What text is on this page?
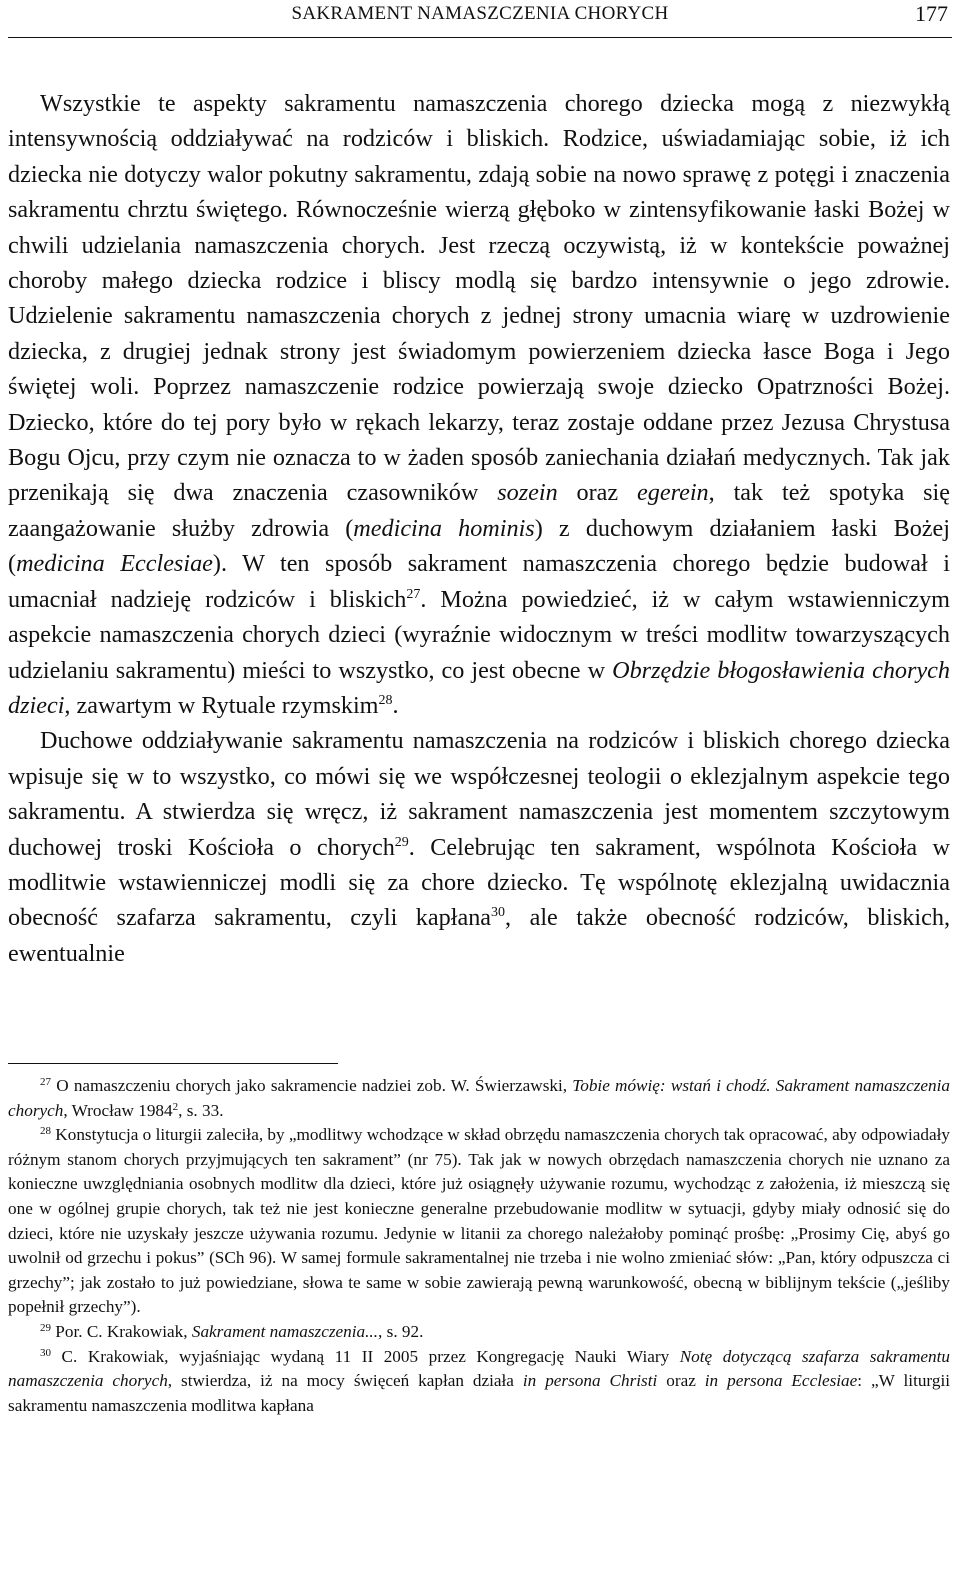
SAKRAMENT NAMASZCZENIA CHORYCH	177

Wszystkie te aspekty sakramentu namaszczenia chorego dziecka mogą z niezwykłą intensywnością oddziaływać na rodziców i bliskich. Rodzice, uświadamiając sobie, iż ich dziecka nie dotyczy walor pokutny sakramentu, zdają sobie na nowo sprawę z potęgi i znaczenia sakramentu chrztu świętego. Równocześnie wierzą głęboko w zintensyfikowanie łaski Bożej w chwili udzielania namaszczenia chorych. Jest rzeczą oczywistą, iż w kontekście poważnej choroby małego dziecka rodzice i bliscy modlą się bardzo intensywnie o jego zdrowie. Udzielenie sakramentu namaszczenia chorych z jednej strony umacnia wiarę w uzdrowienie dziecka, z drugiej jednak strony jest świadomym powierzeniem dziecka łasce Boga i Jego świętej woli. Poprzez namaszczenie rodzice powierzają swoje dziecko Opatrzności Bożej. Dziecko, które do tej pory było w rękach lekarzy, teraz zostaje oddane przez Jezusa Chrystusa Bogu Ojcu, przy czym nie oznacza to w żaden sposób zaniechania działań medycznych. Tak jak przenikają się dwa znaczenia czasowników sozein oraz egerein, tak też spotyka się zaangażowanie służby zdrowia (medicina hominis) z duchowym działaniem łaski Bożej (medicina Ecclesiae). W ten sposób sakrament namaszczenia chorego będzie budował i umacniał nadzieję rodziców i bliskich$^{27}$. Można powiedzieć, iż w całym wstawienniczym aspekcie namaszczenia chorych dzieci (wyraźnie widocznym w treści modlitw towarzyszących udzielaniu sakramentu) mieści to wszystko, co jest obecne w Obrzędzie błogosławienia chorych dzieci, zawartym w Rytuale rzymskim$^{28}$.

Duchowe oddziaływanie sakramentu namaszczenia na rodziców i bliskich chorego dziecka wpisuje się w to wszystko, co mówi się we współczesnej teologii o eklezjalnym aspekcie tego sakramentu. A stwierdza się wręcz, iż sakrament namaszczenia jest momentem szczytowym duchowej troski Kościoła o chorych$^{29}$. Celebrując ten sakrament, wspólnota Kościoła w modlitwie wstawienniczej modli się za chore dziecko. Tę wspólnotę eklezjalną uwidacznia obecność szafarza sakramentu, czyli kapłana$^{30}$, ale także obecność rodziców, bliskich, ewentualnie

$^{27}$ O namaszczeniu chorych jako sakramencie nadziei zob. W. Świerzawski, Tobie mówię: wstań i chodź. Sakrament namaszczenia chorych, Wrocław 1984$^2$, s. 33.

$^{28}$ Konstytucja o liturgii zaleciła, by „modlitwy wchodzące w skład obrzędu namaszczenia chorych tak opracować, aby odpowiadały różnym stanom chorych przyjmujących ten sakrament” (nr 75). Tak jak w nowych obrzędach namaszczenia chorych nie uznano za konieczne uwzględniania osobnych modlitw dla dzieci, które już osiągnęły używanie rozumu, wychodząc z założenia, iż mieszczą się one w ogólnej grupie chorych, tak też nie jest konieczne generalne przebudowanie modlitw w sytuacji, gdyby miały odnosić się do dzieci, które nie uzyskały jeszcze używania rozumu. Jedynie w litanii za chorego należałoby pominąć prośbę: „Prosimy Cię, abyś go uwolnił od grzechu i pokus” (SCh 96). W samej formule sakramentalnej nie trzeba i nie wolno zmieniać słów: „Pan, który odpuszcza ci grzechy”; jak zostało to już powiedziane, słowa te same w sobie zawierają pewną warunkowość, obecną w biblijnym tekście („jeśliby popełnił grzechy”).

$^{29}$ Por. C. Krakowiak, Sakrament namaszczenia..., s. 92.

$^{30}$ C. Krakowiak, wyjaśniając wydaną 11 II 2005 przez Kongregację Nauki Wiary Notę dotyczącą szafarza sakramentu namaszczenia chorych, stwierdza, iż na mocy święceń kapłan działa in persona Christi oraz in persona Ecclesiae: „W liturgii sakramentu namaszczenia modlitwa kapłana
